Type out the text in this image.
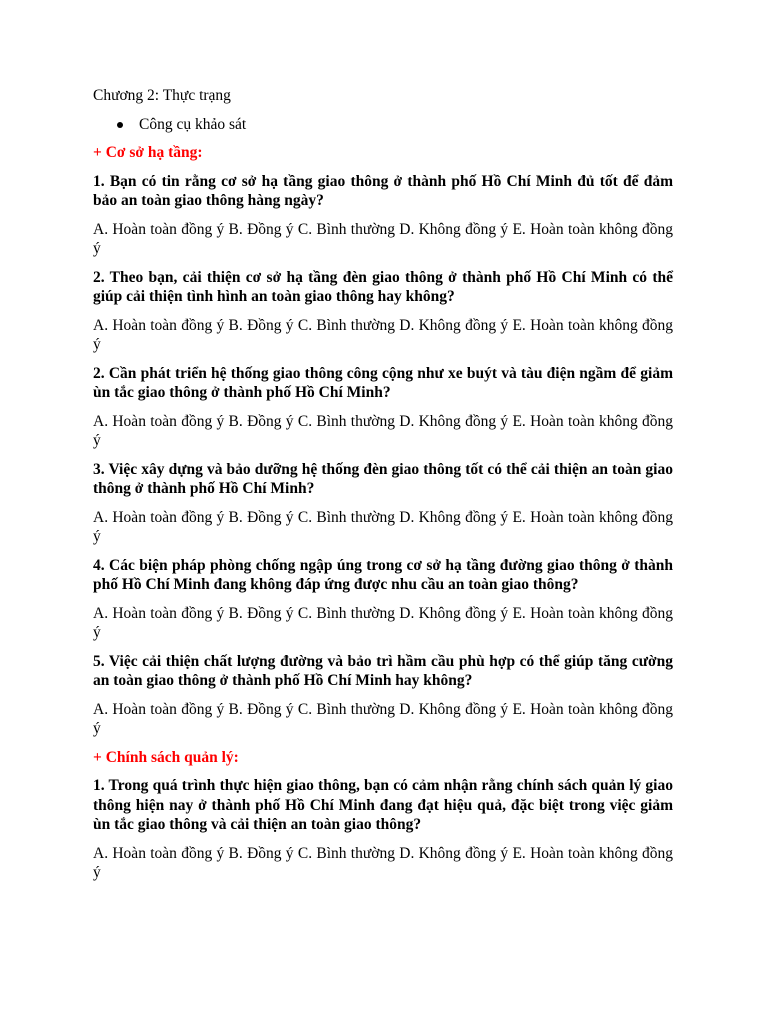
Chương 2: Thực trạng

Công cụ khảo sát

+ Cơ sở hạ tầng:

1. Bạn có tin rằng cơ sở hạ tầng giao thông ở thành phố Hồ Chí Minh đủ tốt để đảm bảo an toàn giao thông hàng ngày?

A. Hoàn toàn đồng ý B. Đồng ý C. Bình thường D. Không đồng ý E. Hoàn toàn không đồng ý

2. Theo bạn, cải thiện cơ sở hạ tầng đèn giao thông ở thành phố Hồ Chí Minh có thể giúp cải thiện tình hình an toàn giao thông hay không?

A. Hoàn toàn đồng ý B. Đồng ý C. Bình thường D. Không đồng ý E. Hoàn toàn không đồng ý

2. Cần phát triển hệ thống giao thông công cộng như xe buýt và tàu điện ngầm để giảm ùn tắc giao thông ở thành phố Hồ Chí Minh?

A. Hoàn toàn đồng ý B. Đồng ý C. Bình thường D. Không đồng ý E. Hoàn toàn không đồng ý

3. Việc xây dựng và bảo dưỡng hệ thống đèn giao thông tốt có thể cải thiện an toàn giao thông ở thành phố Hồ Chí Minh?

A. Hoàn toàn đồng ý B. Đồng ý C. Bình thường D. Không đồng ý E. Hoàn toàn không đồng ý

4. Các biện pháp phòng chống ngập úng trong cơ sở hạ tầng đường giao thông ở thành phố Hồ Chí Minh đang không đáp ứng được nhu cầu an toàn giao thông?

A. Hoàn toàn đồng ý B. Đồng ý C. Bình thường D. Không đồng ý E. Hoàn toàn không đồng ý

5. Việc cải thiện chất lượng đường và bảo trì hầm cầu phù hợp có thể giúp tăng cường an toàn giao thông ở thành phố Hồ Chí Minh hay không?

A. Hoàn toàn đồng ý B. Đồng ý C. Bình thường D. Không đồng ý E. Hoàn toàn không đồng ý

+ Chính sách quản lý:

1. Trong quá trình thực hiện giao thông, bạn có cảm nhận rằng chính sách quản lý giao thông hiện nay ở thành phố Hồ Chí Minh đang đạt hiệu quả, đặc biệt trong việc giảm ùn tắc giao thông và cải thiện an toàn giao thông?

A. Hoàn toàn đồng ý B. Đồng ý C. Bình thường D. Không đồng ý E. Hoàn toàn không đồng ý
